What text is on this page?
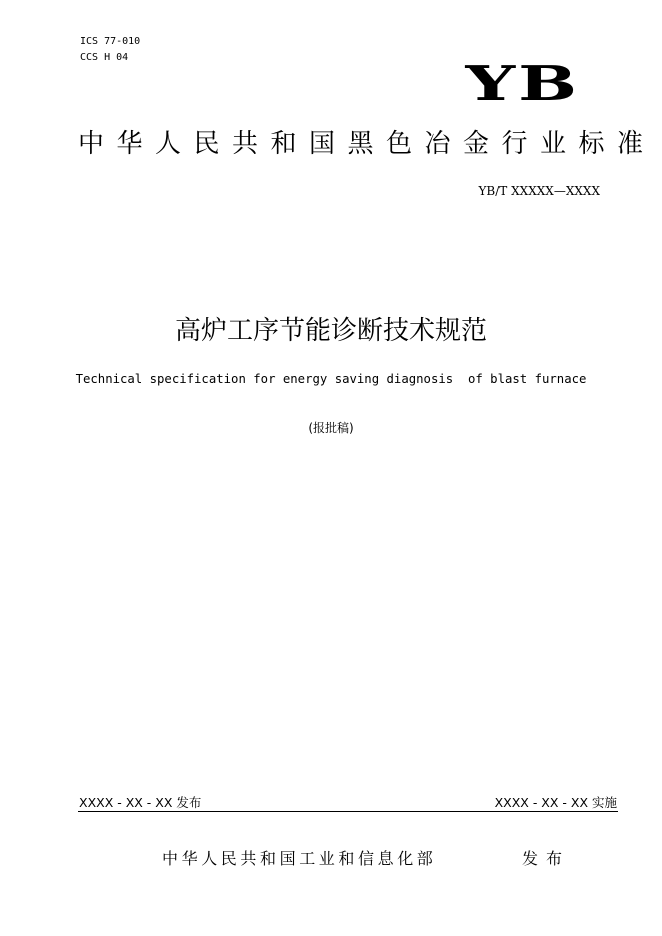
ICS 77-010
CCS H 04	YB
中华人民共和国黑色冶金行业标准
YB/T XXXXX—XXXX
高炉工序节能诊断技术规范
Technical specification for energy saving diagnosis  of blast furnace
(报批稿)
XXXX - XX - XX 发布	XXXX - XX - XX 实施
中华人民共和国工业和信息化部	发布
